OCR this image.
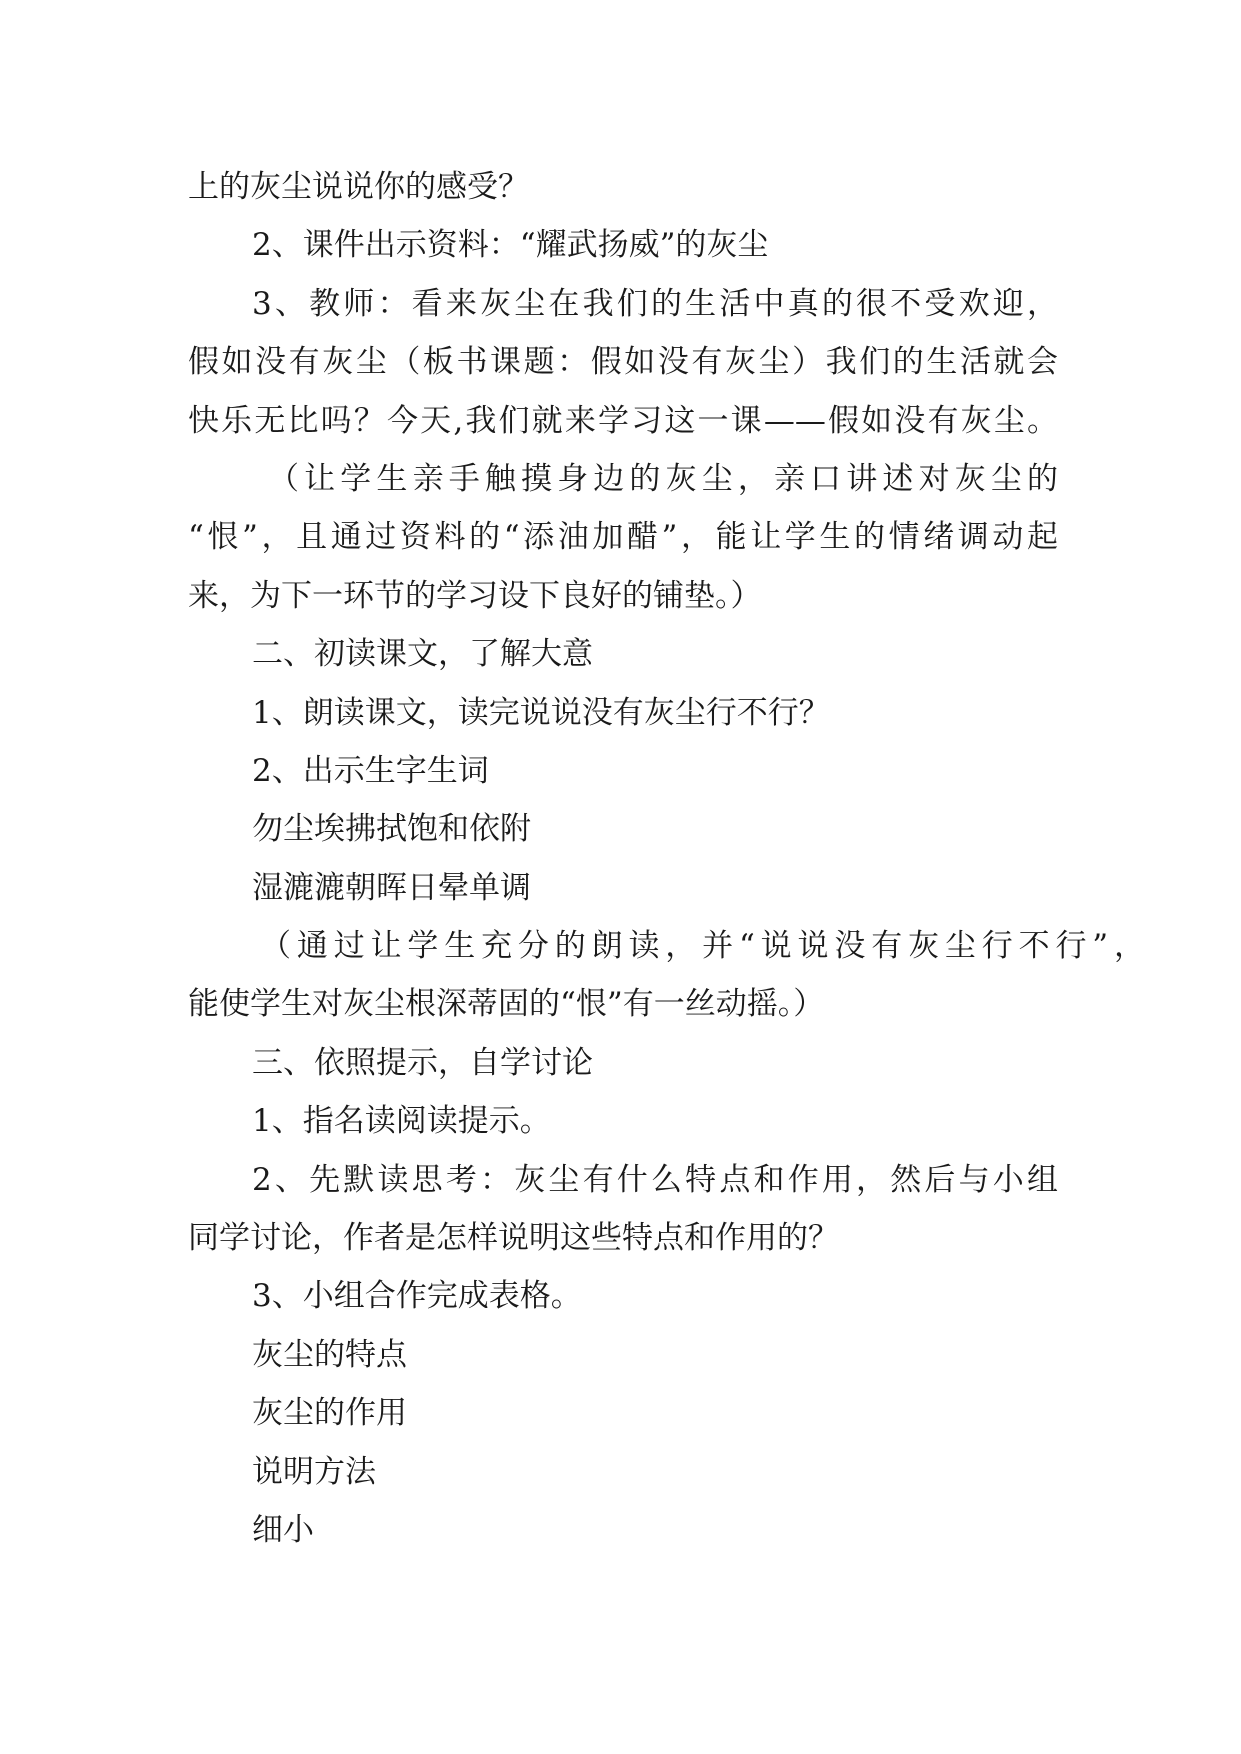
上的灰尘说说你的感受？
2、课件出示资料：“耀武扬威”的灰尘
3、教师：看来灰尘在我们的生活中真的很不受欢迎，
假如没有灰尘（板书课题：假如没有灰尘）我们的生活就会
快乐无比吗？今天,我们就来学习这一课——假如没有灰尘。
（让学生亲手触摸身边的灰尘，亲口讲述对灰尘的
“恨”，且通过资料的“添油加醋”，能让学生的情绪调动起
来，为下一环节的学习设下良好的铺垫。）
二、初读课文，了解大意
1、朗读课文，读完说说没有灰尘行不行？
2、出示生字生词
勿尘埃拂拭饱和依附
湿漉漉朝晖日晕单调
（通过让学生充分的朗读，并“说说没有灰尘行不行”，
能使学生对灰尘根深蒂固的“恨”有一丝动摇。）
三、依照提示，自学讨论
1、指名读阅读提示。
2、先默读思考：灰尘有什么特点和作用，然后与小组
同学讨论，作者是怎样说明这些特点和作用的？
3、小组合作完成表格。
灰尘的特点
灰尘的作用
说明方法
细小
